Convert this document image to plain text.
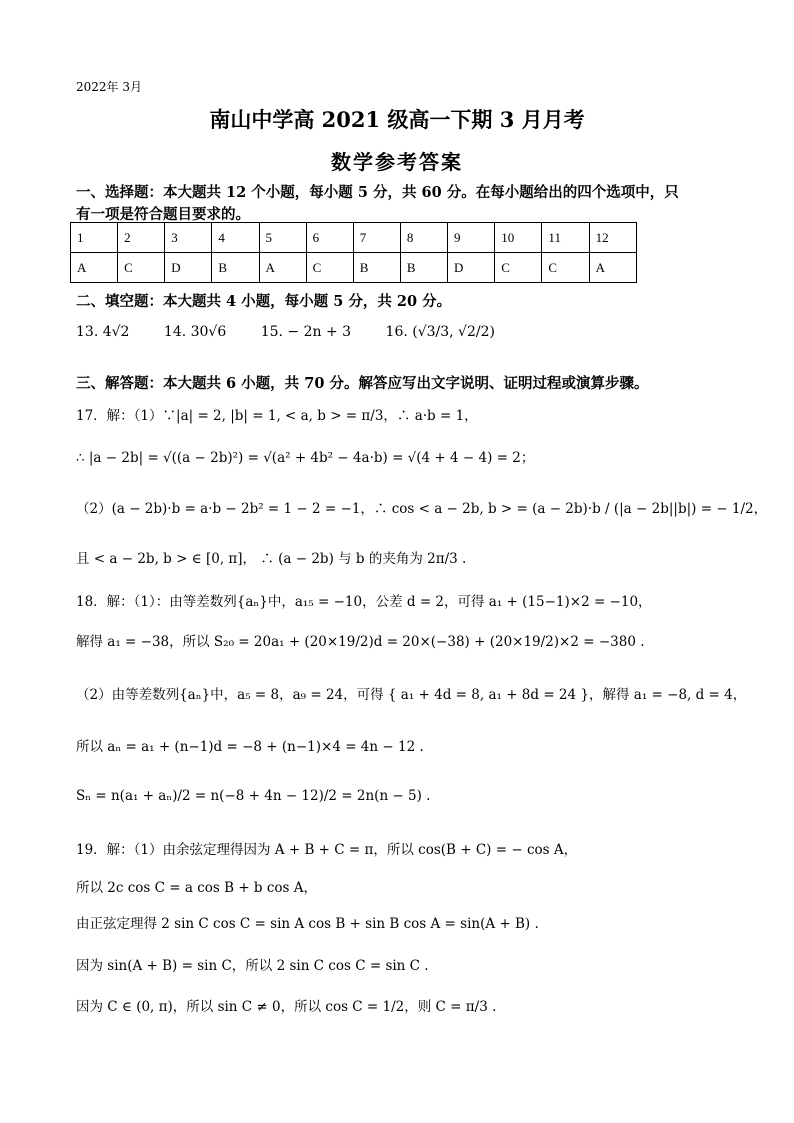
2022年 3月
南山中学高 2021 级高一下期 3 月月考
数学参考答案
一、选择题：本大题共 12 个小题，每小题 5 分，共 60 分。在每小题给出的四个选项中，只
有一项是符合题目要求的。
1	2	3	4	5	6	7	8	9	10	11	12
A	C	D	B	A	C	B	B	D	C	C	A
二、填空题：本大题共 4 小题，每小题 5 分，共 20 分。
13. 4√2 14. 30√6 15. − 2n + 3 16. (√3/3, √2/2)
三、解答题：本大题共 6 小题，共 70 分。解答应写出文字说明、证明过程或演算步骤。
17．解：（1）∵|a| = 2, |b| = 1, < a, b > = π/3，∴ a·b = 1，
∴ |a − 2b| = √((a − 2b)²) = √(a² + 4b² − 4a·b) = √(4 + 4 − 4) = 2；
（2）(a − 2b)·b = a·b − 2b² = 1 − 2 = −1，∴ cos < a − 2b, b > = (a − 2b)·b / (|a − 2b||b|) = − 1/2，
且 < a − 2b, b > ∈ [0, π]， ∴ (a − 2b) 与 b 的夹角为 2π/3 .
18．解：（1）：由等差数列{aₙ}中，a₁₅ = −10，公差 d = 2，可得 a₁ + (15−1)×2 = −10，
解得 a₁ = −38，所以 S₂₀ = 20a₁ + (20×19/2)d = 20×(−38) + (20×19/2)×2 = −380 .
（2）由等差数列{aₙ}中，a₅ = 8，a₉ = 24，可得 { a₁ + 4d = 8, a₁ + 8d = 24 }，解得 a₁ = −8, d = 4，
所以 aₙ = a₁ + (n−1)d = −8 + (n−1)×4 = 4n − 12 .
Sₙ = n(a₁ + aₙ)/2 = n(−8 + 4n − 12)/2 = 2n(n − 5) .
19．解：（1）由余弦定理得因为 A + B + C = π，所以 cos(B + C) = − cos A，
所以 2c cos C = a cos B + b cos A，
由正弦定理得 2 sin C cos C = sin A cos B + sin B cos A = sin(A + B) .
因为 sin(A + B) = sin C，所以 2 sin C cos C = sin C .
因为 C ∈ (0, π)，所以 sin C ≠ 0，所以 cos C = 1/2，则 C = π/3 .
